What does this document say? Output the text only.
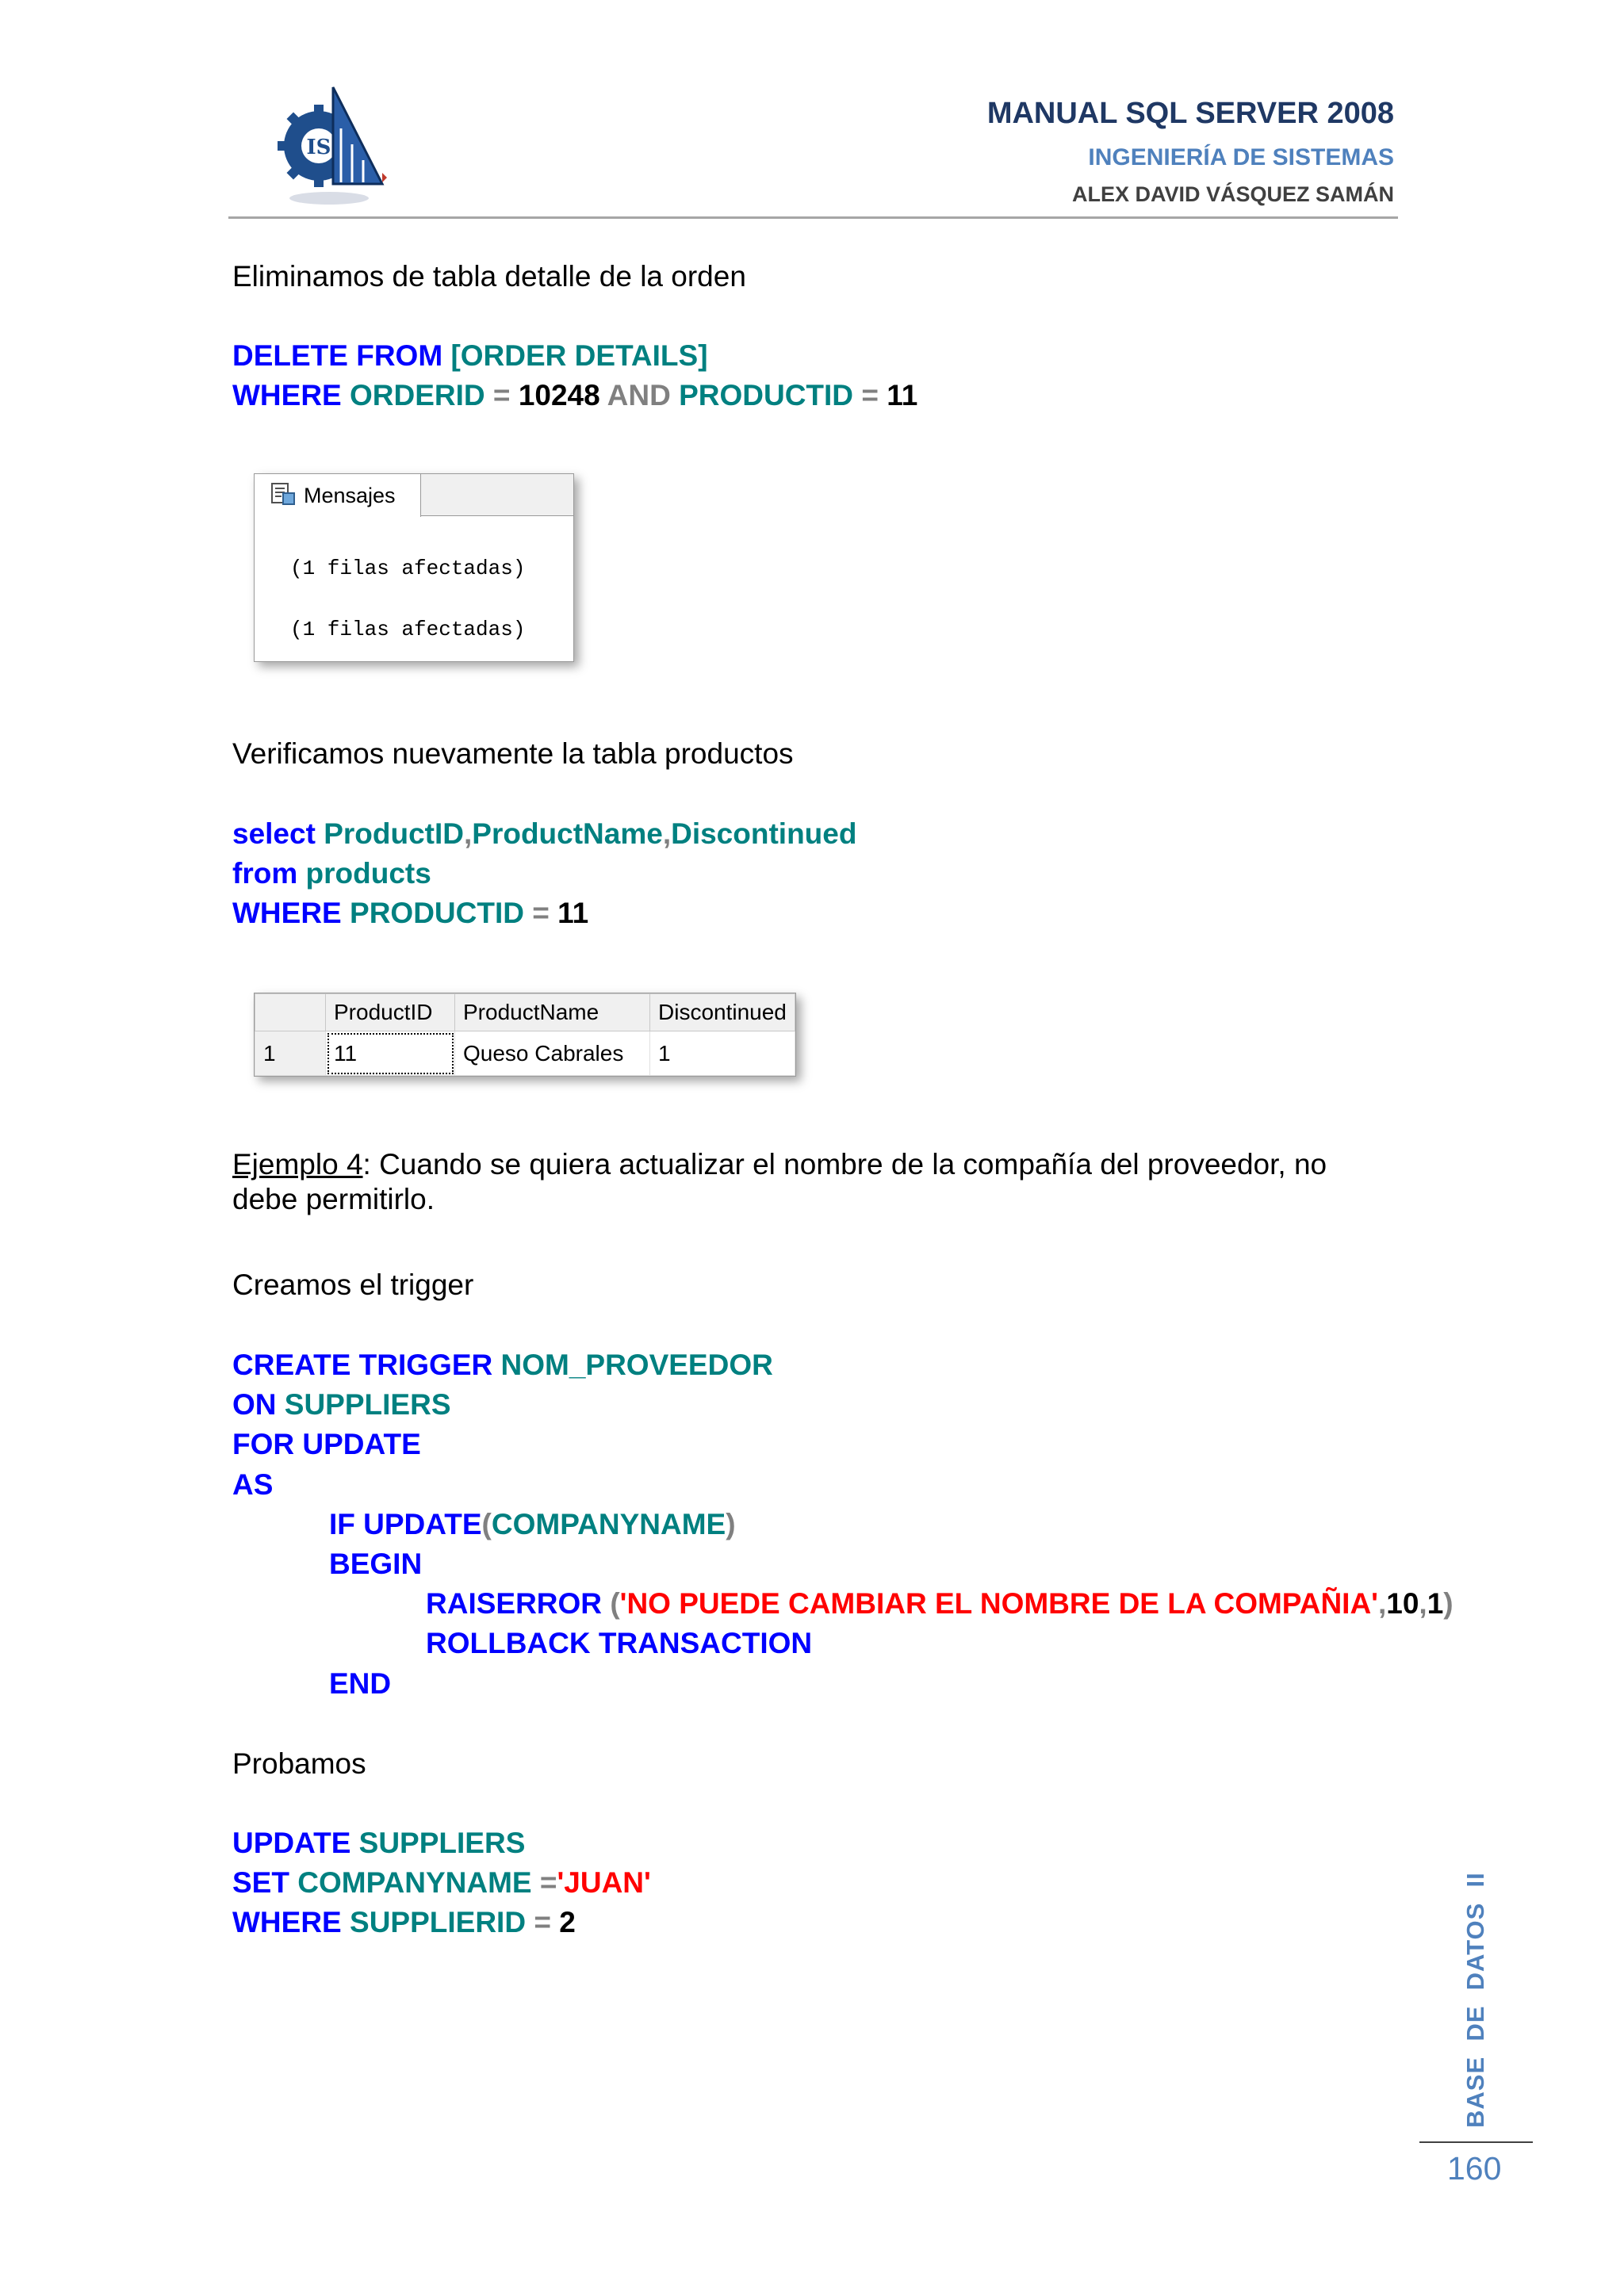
IS
MANUAL SQL SERVER 2008
INGENIERÍA DE SISTEMAS
ALEX DAVID VÁSQUEZ SAMÁN
Eliminamos de tabla detalle de la orden
DELETE FROM [ORDER DETAILS]
WHERE ORDERID = 10248 AND PRODUCTID = 11
Mensajes
(1 filas afectadas)
(1 filas afectadas)
Verificamos nuevamente la tabla productos
select ProductID,ProductName,Discontinued
from products
WHERE PRODUCTID = 11
	ProductID	ProductName	Discontinued
1	11	Queso Cabrales	1
Ejemplo 4: Cuando se quiera actualizar el nombre de la compañía del proveedor, no
debe permitirlo.
Creamos el trigger
CREATE TRIGGER NOM_PROVEEDOR
ON SUPPLIERS
FOR UPDATE
AS
IF UPDATE(COMPANYNAME)
BEGIN
RAISERROR ('NO PUEDE CAMBIAR EL NOMBRE DE LA COMPAÑIA',10,1)
ROLLBACK TRANSACTION
END
Probamos
UPDATE SUPPLIERS
SET COMPANYNAME ='JUAN'
WHERE SUPPLIERID = 2	BASE  DE  DATOS  II
160
